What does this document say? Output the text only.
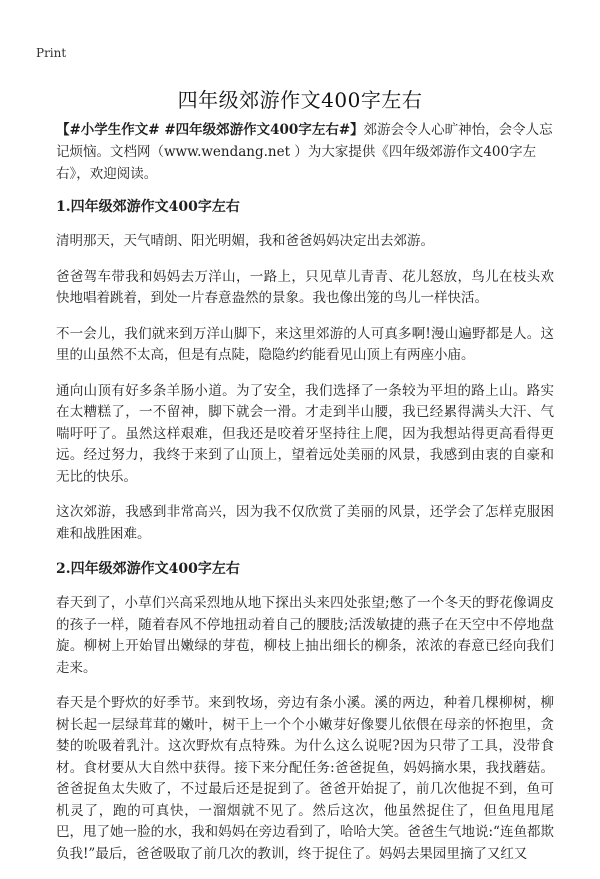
Print
四年级郊游作文400字左右

【#小学生作文# #四年级郊游作文400字左右#】郊游会令人心旷神怡，会令人忘记烦恼。文档网（www.wendang.net ）为大家提供《四年级郊游作文400字左右》，欢迎阅读。

1.四年级郊游作文400字左右

清明那天，天气晴朗、阳光明媚，我和爸爸妈妈决定出去郊游。

爸爸驾车带我和妈妈去万洋山，一路上，只见草儿青青、花儿怒放，鸟儿在枝头欢快地唱着跳着，到处一片春意盎然的景象。我也像出笼的鸟儿一样快活。

不一会儿，我们就来到万洋山脚下，来这里郊游的人可真多啊!漫山遍野都是人。这里的山虽然不太高，但是有点陡，隐隐约约能看见山顶上有两座小庙。

通向山顶有好多条羊肠小道。为了安全，我们选择了一条较为平坦的路上山。路实在太糟糕了，一不留神，脚下就会一滑。才走到半山腰，我已经累得满头大汗、气喘吁吁了。虽然这样艰难，但我还是咬着牙坚持往上爬，因为我想站得更高看得更远。经过努力，我终于来到了山顶上，望着远处美丽的风景，我感到由衷的自豪和无比的快乐。

这次郊游，我感到非常高兴，因为我不仅欣赏了美丽的风景，还学会了怎样克服困难和战胜困难。

2.四年级郊游作文400字左右

春天到了，小草们兴高采烈地从地下探出头来四处张望;憋了一个冬天的野花像调皮的孩子一样，随着春风不停地扭动着自己的腰肢;活泼敏捷的燕子在天空中不停地盘旋。柳树上开始冒出嫩绿的芽苞，柳枝上抽出细长的柳条，浓浓的春意已经向我们走来。

春天是个野炊的好季节。来到牧场，旁边有条小溪。溪的两边，种着几棵柳树，柳树长起一层绿茸茸的嫩叶，树干上一个个小嫩芽好像婴儿依偎在母亲的怀抱里，贪婪的吮吸着乳汁。这次野炊有点特殊。为什么这么说呢?因为只带了工具，没带食材。食材要从大自然中获得。接下来分配任务:爸爸捉鱼，妈妈摘水果，我找蘑菇。爸爸捉鱼太失败了，不过最后还是捉到了。爸爸开始捉了，前几次他捉不到，鱼可机灵了，跑的可真快，一溜烟就不见了。然后这次，他虽然捉住了，但鱼甩甩尾巴，甩了她一脸的水，我和妈妈在旁边看到了，哈哈大笑。爸爸生气地说:“连鱼都欺负我!”最后，爸爸吸取了前几次的教训，终于捉住了。妈妈去果园里摘了又红又
